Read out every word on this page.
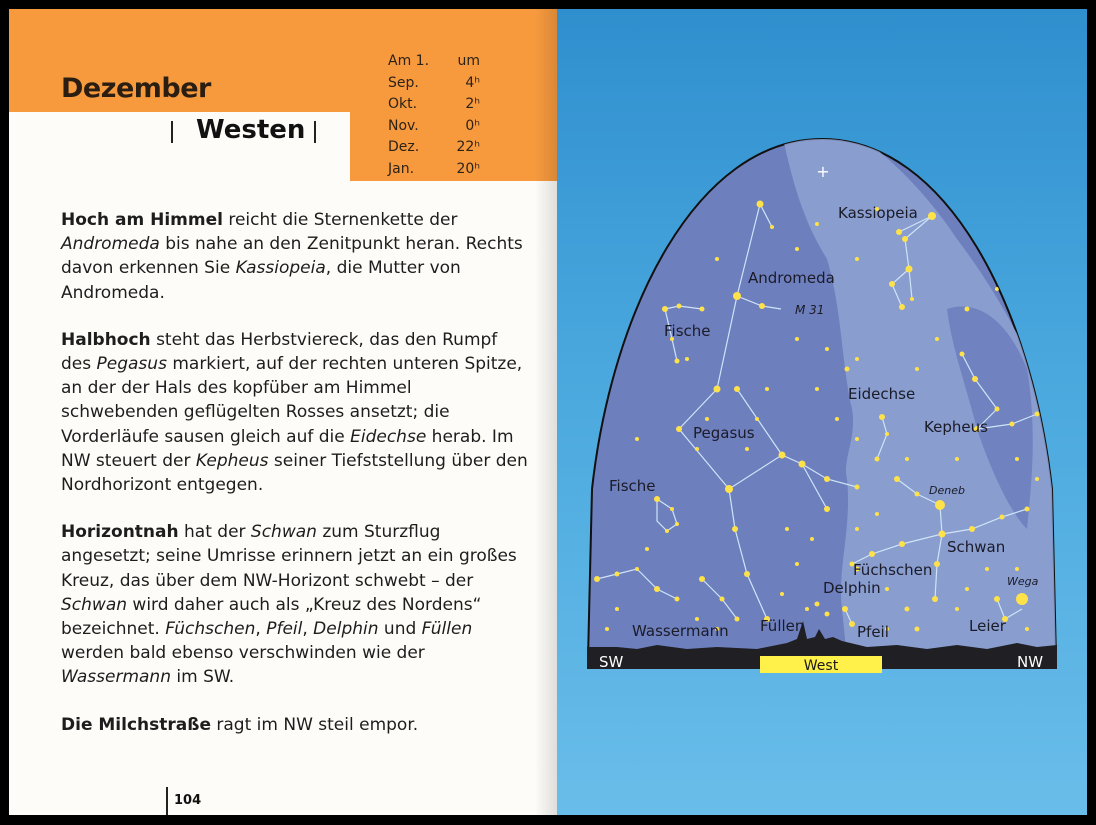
Dezember
Westen
Am 1. um
Sep.	4ʰ
Okt.	2ʰ
Nov.	0ʰ
Dez.	22ʰ
Jan.	20ʰ

Hoch am Himmel reicht die Sternenkette der Andromeda bis nahe an den Zenitpunkt heran. Rechts davon erkennen Sie Kassiopeia, die Mutter von Andromeda.

Halbhoch steht das Herbstviereck, das den Rumpf des Pegasus markiert, auf der rechten unteren Spitze, an der der Hals des kopfüber am Himmel schwebenden geflügelten Rosses ansetzt; die Vorderläufe sausen gleich auf die Eidechse herab. Im NW steuert der Kepheus seiner Tiefststellung über den Nordhorizont entgegen.

Horizontnah hat der Schwan zum Sturzflug angesetzt; seine Umrisse erinnern jetzt an ein großes Kreuz, das über dem NW-Horizont schwebt – der Schwan wird daher auch als „Kreuz des Nordens“ bezeichnet. Füchschen, Pfeil, Delphin und Füllen werden bald ebenso verschwinden wie der Wassermann im SW.

Die Milchstraße ragt im NW steil empor.

104
SW	NW
West
Kassiopeia
Andromeda
M 31
Fische
Eidechse
Pegasus	Kepheus
Fische	Deneb
Schwan
Füchschen
Delphin	Wega
Wassermann Füllen	Pfeil	Leier
+
